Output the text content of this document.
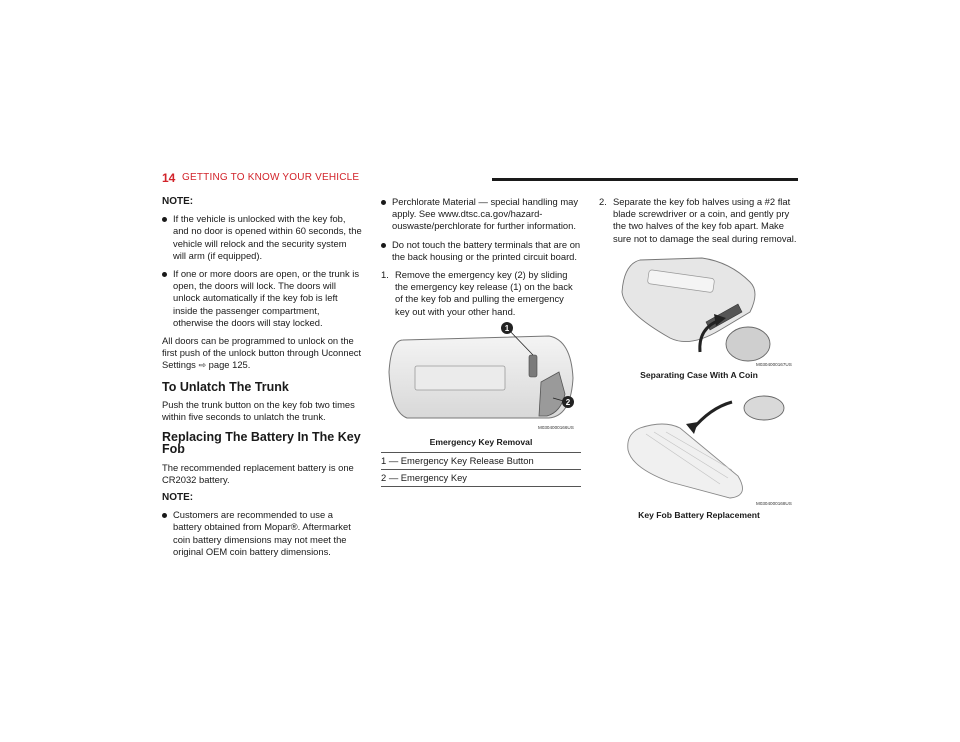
14 GETTING TO KNOW YOUR VEHICLE
NOTE:
If the vehicle is unlocked with the key fob, and no door is opened within 60 seconds, the vehicle will relock and the security system will arm (if equipped).
If one or more doors are open, or the trunk is open, the doors will lock. The doors will unlock automatically if the key fob is left inside the passenger compartment, otherwise the doors will stay locked.

All doors can be programmed to unlock on the first push of the unlock button through Uconnect Settings ⇨ page 125.

To Unlatch The Trunk

Push the trunk button on the key fob two times within five seconds to unlatch the trunk.

Replacing The Battery In The Key Fob

The recommended replacement battery is one CR2032 battery.

NOTE:
Customers are recommended to use a battery obtained from Mopar®. Aftermarket coin battery dimensions may not meet the original OEM coin battery dimensions.
Perchlorate Material — special handling may apply. See www.dtsc.ca.gov/hazard-ouswaste/perchlorate for further information.
Do not touch the battery terminals that are on the back housing or the printed circuit board.
1. Remove the emergency key (2) by sliding the emergency key release (1) on the back of the key fob and pulling the emergency key out with your other hand.
1
2
M0304000166US
Emergency Key Removal
1 — Emergency Key Release Button
2 — Emergency Key
2. Separate the key fob halves using a #2 flat blade screwdriver or a coin, and gently pry the two halves of the key fob apart. Make sure not to damage the seal during removal.
M0304000167US
Separating Case With A Coin
M0304000168US
Key Fob Battery Replacement
